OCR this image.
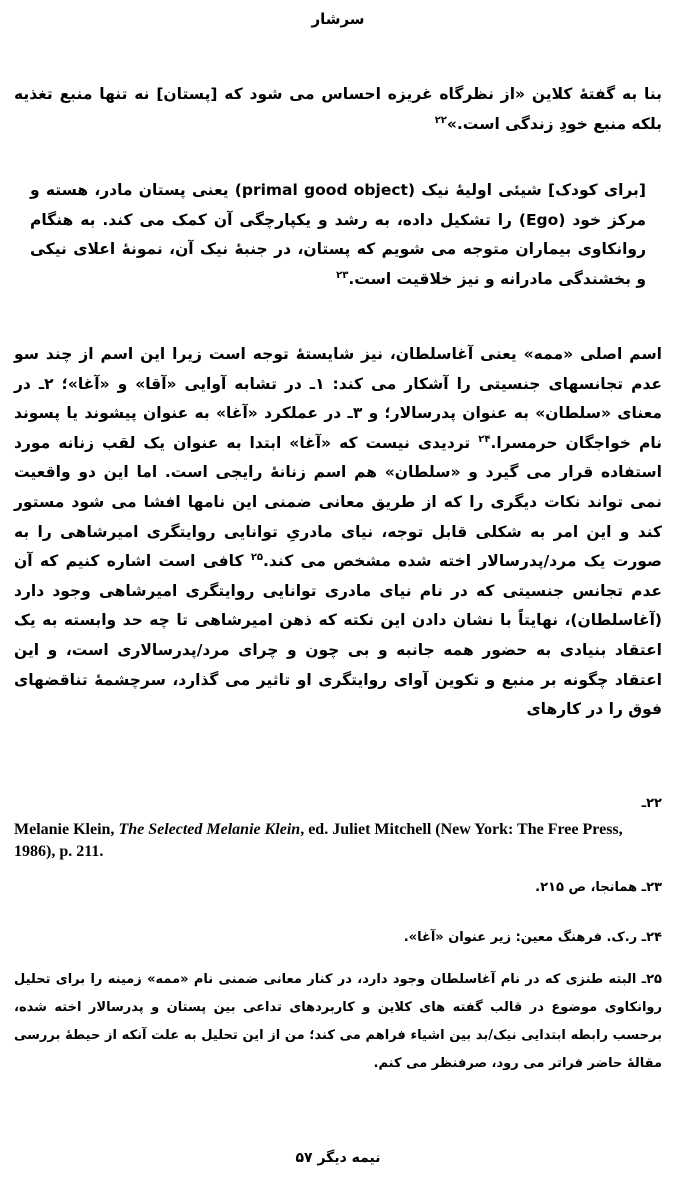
سرشار
بنا به گفتهٔ کلاین «از نظرگاه غریزه احساس می شود که [پستان] نه تنها منبع تغذیه بلکه منبع خودِ زندگی است.»$^{۲۲}$
[برای کودک] شیئی اولیهٔ نیک (primal good object) یعنی پستان مادر، هسته و مرکز خود (Ego) را تشکیل داده، به رشد و یکپارچگی آن کمک می کند. به هنگام روانکاوی بیماران متوجه می شویم که پستان، در جنبهٔ نیک آن، نمونهٔ اعلای نیکی و بخشندگی مادرانه و نیز خلاقیت است.$^{۲۳}$
اسم اصلی «ممه» یعنی آغاسلطان، نیز شایستهٔ توجه است زیرا این اسم از چند سو عدم تجانسهای جنسیتی را آشکار می کند: ۱ـ در تشابه آوایی «آقا» و «آغا»؛ ۲ـ در معنای «سلطان» به عنوان پدرسالار؛ و ۳ـ در عملکرد «آغا» به عنوان پیشوند یا پسوند نام خواجگان حرمسرا.$^{۲۴}$ تردیدی نیست که «آغا» ابتدا به عنوان یک لقب زنانه مورد استفاده قرار می گیرد و «سلطان» هم اسم زنانهٔ رایجی است. اما این دو واقعیت نمی تواند نکات دیگری را که از طریق معانی ضمنی این نامها افشا می شود مستور کند و این امر به شکلی قابل توجه، نیای مادریِ توانایی روایتگری امیرشاهی را به صورت یک مرد/پدرسالار اخته شده مشخص می کند.$^{۲۵}$ کافی است اشاره کنیم که آن عدم تجانس جنسیتی که در نام نیای مادری توانایی روایتگری امیرشاهی وجود دارد (آغاسلطان)، نهایتاً با نشان دادن این نکته که ذهن امیرشاهی تا چه حد وابسته به یک اعتقاد بنیادی به حضور همه جانبه و بی چون و چرای مرد/پدرسالاری است، و این اعتقاد چگونه بر منبع و تکوین آوای روایتگری او تاثیر می گذارد، سرچشمهٔ تناقضهای فوق را در کارهای
۲۲ـ
Melanie Klein, The Selected Melanie Klein, ed. Juliet Mitchell (New York: The Free Press, 1986), p. 211.
۲۳ـ همانجا، ص ۲۱۵.
۲۴ـ ر.ک. فرهنگ معین: زیر عنوان «آغا».
۲۵ـ البته طنزی که در نام آغاسلطان وجود دارد، در کنار معانی ضمنی نام «ممه» زمینه را برای تحلیل روانکاوی موضوع در قالب گفته های کلاین و کاربردهای تداعی بین پستان و پدرسالار اخته شده، برحسب رابطه ابتدایی نیک/بد بین اشیاء فراهم می کند؛ من از این تحلیل به علت آنکه از حیطهٔ بررسی مقالهٔ حاضر فراتر می رود، صرفنظر می کنم.
نیمه دیگر ۵۷
